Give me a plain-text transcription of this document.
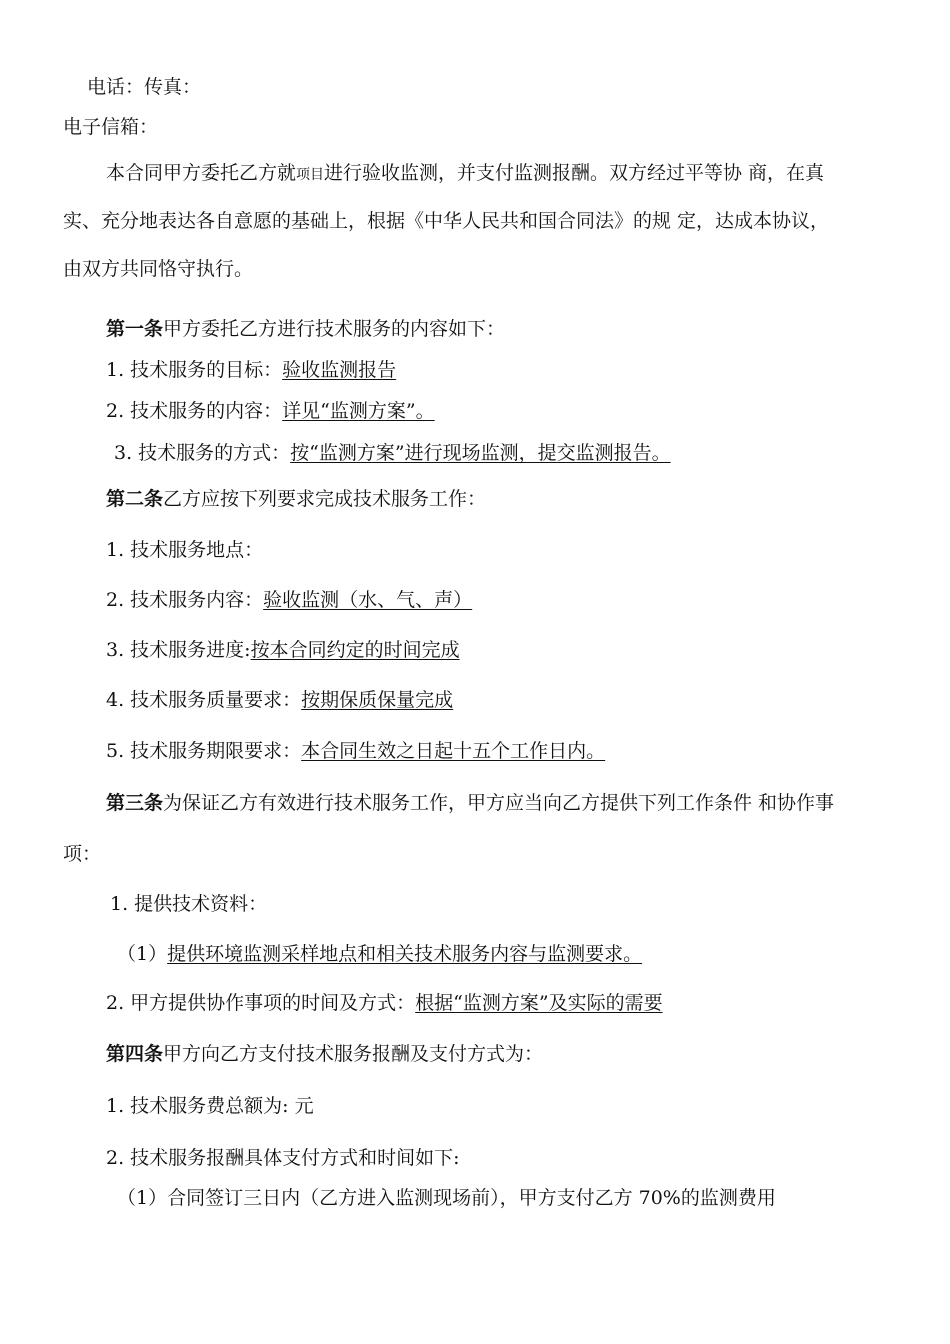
电话：传真：
电子信箱：
本合同甲方委托乙方就项目进行验收监测，并支付监测报酬。双方经过平等协 商，在真
实、充分地表达各自意愿的基础上，根据《中华人民共和国合同法》的规 定，达成本协议，
由双方共同恪守执行。
第一条甲方委托乙方进行技术服务的内容如下：
1. 技术服务的目标：验收监测报告
2. 技术服务的内容：详见“监测方案”。
3. 技术服务的方式：按“监测方案”进行现场监测，提交监测报告。
第二条乙方应按下列要求完成技术服务工作：
1. 技术服务地点：
2. 技术服务内容：验收监测（水、气、声）
3. 技术服务进度:按本合同约定的时间完成
4. 技术服务质量要求：按期保质保量完成
5. 技术服务期限要求：本合同生效之日起十五个工作日内。
第三条为保证乙方有效进行技术服务工作，甲方应当向乙方提供下列工作条件 和协作事
项：
1. 提供技术资料：
（1）提供环境监测采样地点和相关技术服务内容与监测要求。
2. 甲方提供协作事项的时间及方式：根据“监测方案”及实际的需要
第四条甲方向乙方支付技术服务报酬及支付方式为：
1. 技术服务费总额为: 元
2. 技术服务报酬具体支付方式和时间如下:
（1）合同签订三日内（乙方进入监测现场前），甲方支付乙方 70%的监测费用
